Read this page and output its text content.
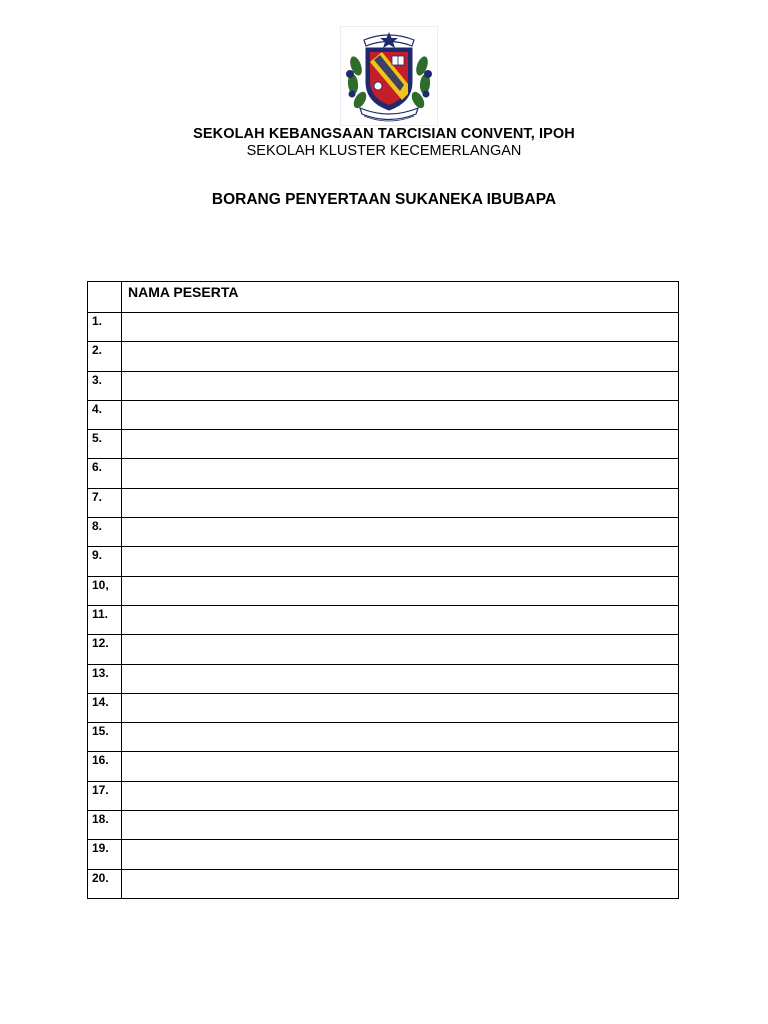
SEKOLAH KEBANGSAAN TARCISIAN CONVENT, IPOH
SEKOLAH KLUSTER KECEMERLANGAN
BORANG PENYERTAAN SUKANEKA IBUBAPA

	NAMA PESERTA

1.	

2.	

3.	

4.	

5.	

6.	

7.	

8.	

9.	

10,	

11.	

12.	

13.	

14.	

15.	

16.	

17.	

18.	

19.	

20.	
